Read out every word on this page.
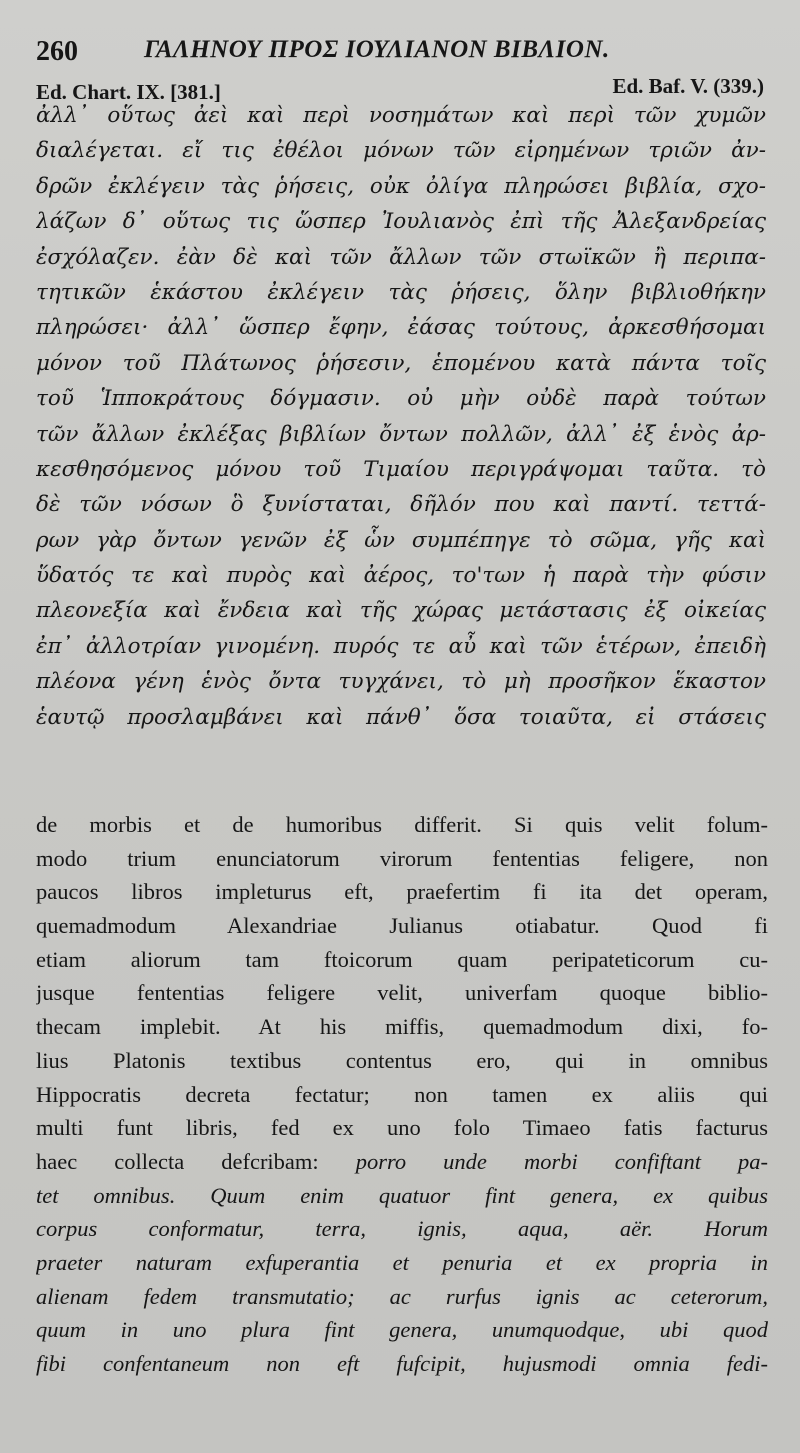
260	ΓΑΛΗΝΟΥ ΠΡΟΣ ΙΟΥΛΙΑΝΟΝ ΒΙΒΛΙΟΝ.
Ed. Chart. IX. [381.]	Ed. Baf. V. (339.)
ἀλλ᾽ οὕτως ἀεὶ καὶ περὶ νοσημάτων καὶ περὶ τῶν χυμῶν
διαλέγεται. εἴ τις ἐθέλοι μόνων τῶν εἰρημένων τριῶν ἀν-
δρῶν ἐκλέγειν τὰς ῥήσεις, οὐκ ὀλίγα πληρώσει βιβλία, σχο-
λάζων δ᾽ οὕτως τις ὥσπερ Ἰουλιανὸς ἐπὶ τῆς Ἀλεξανδρείας
ἐσχόλαζεν. ἐὰν δὲ καὶ τῶν ἄλλων τῶν στωϊκῶν ἢ περιπα-
τητικῶν ἑκάστου ἐκλέγειν τὰς ῥήσεις, ὅλην βιβλιοθήκην
πληρώσει· ἀλλ᾽ ὥσπερ ἔφην, ἐάσας τούτους, ἀρκεσθήσομαι
μόνον τοῦ Πλάτωνος ῥήσεσιν, ἑπομένου κατὰ πάντα τοῖς
τοῦ Ἱπποκράτους δόγμασιν. οὐ μὴν οὐδὲ παρὰ τούτων
τῶν ἄλλων ἐκλέξας βιβλίων ὄντων πολλῶν, ἀλλ᾽ ἐξ ἑνὸς ἀρ-
κεσθησόμενος μόνου τοῦ Τιμαίου περιγράψομαι ταῦτα. τὸ
δὲ τῶν νόσων ὃ ξυνίσταται, δῆλόν που καὶ παντί. τεττά-
ρων γὰρ ὄντων γενῶν ἐξ ὧν συμπέπηγε τὸ σῶμα, γῆς καὶ
ὕδατός τε καὶ πυρὸς καὶ ἀέρος, το'των ἡ παρὰ τὴν φύσιν
πλεονεξία καὶ ἔνδεια καὶ τῆς χώρας μετάστασις ἐξ οἰκείας
ἐπ᾽ ἀλλοτρίαν γινομένη. πυρός τε αὖ καὶ τῶν ἑτέρων, ἐπειδὴ
πλέονα γένη ἑνὸς ὄντα τυγχάνει, τὸ μὴ προσῆκον ἕκαστον
ἑαυτῷ προσλαμβάνει καὶ πάνθ᾽ ὅσα τοιαῦτα, εἰ στάσεις
de morbis et de humoribus differit. Si quis velit folum-
modo trium enunciatorum virorum fententias feligere, non
paucos libros impleturus eft, praefertim fi ita det operam,
quemadmodum Alexandriae Julianus otiabatur. Quod fi
etiam aliorum tam ftoicorum quam peripateticorum cu-
jusque fententias feligere velit, univerfam quoque biblio-
thecam implebit. At his miffis, quemadmodum dixi, fo-
lius Platonis textibus contentus ero, qui in omnibus
Hippocratis decreta fectatur; non tamen ex aliis qui
multi funt libris, fed ex uno folo Timaeo fatis facturus
haec collecta defcribam: porro unde morbi confiftant pa-
tet omnibus. Quum enim quatuor fint genera, ex quibus
corpus conformatur, terra, ignis, aqua, aër. Horum
praeter naturam exfuperantia et penuria et ex propria in
alienam fedem transmutatio; ac rurfus ignis ac ceterorum,
quum in uno plura fint genera, unumquodque, ubi quod
fibi confentaneum non eft fufcipit, hujusmodi omnia fedi-
